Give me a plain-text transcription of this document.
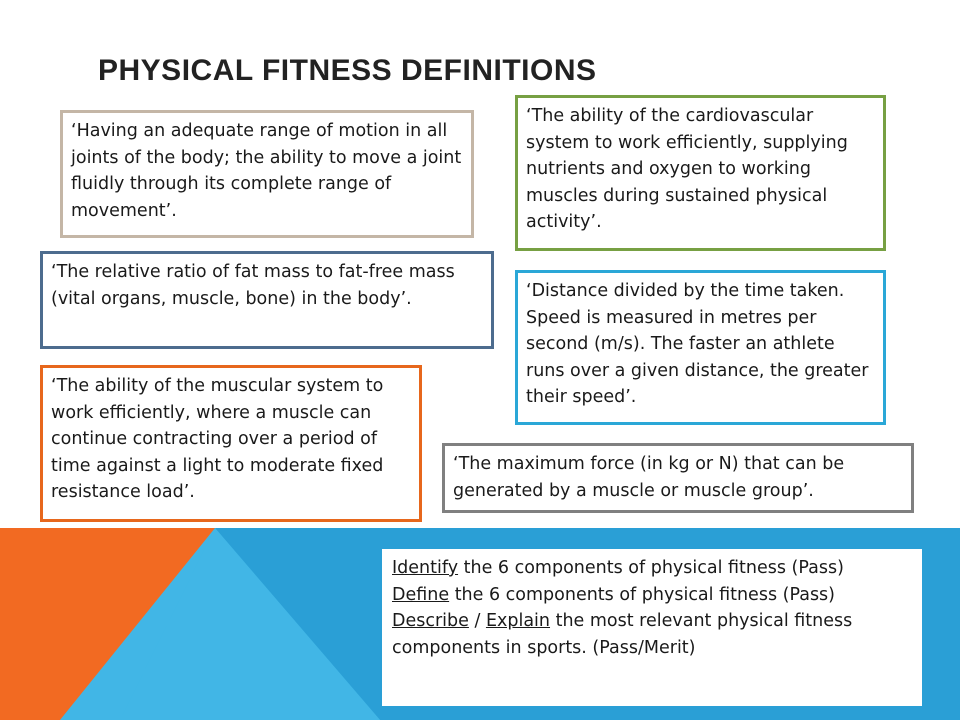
PHYSICAL FITNESS DEFINITIONS
‘Having an adequate range of motion in all joints of the body; the ability to move a joint fluidly through its complete range of movement’.
‘The ability of the cardiovascular system to work efficiently, supplying nutrients and oxygen to working muscles during sustained physical activity’.
‘The relative ratio of fat mass to fat-free mass (vital organs, muscle, bone) in the body’.	‘Distance divided by the time taken. Speed is measured in metres per second (m/s). The faster an athlete runs over a given distance, the greater their speed’.
‘The ability of the muscular system to work efficiently, where a muscle can continue contracting over a period of time against a light to moderate fixed resistance load’.
‘The maximum force (in kg or N) that can be generated by a muscle or muscle group’.
Identify the 6 components of physical fitness (Pass)
Define the 6 components of physical fitness (Pass)
Describe / Explain the most relevant physical fitness components in sports. (Pass/Merit)
